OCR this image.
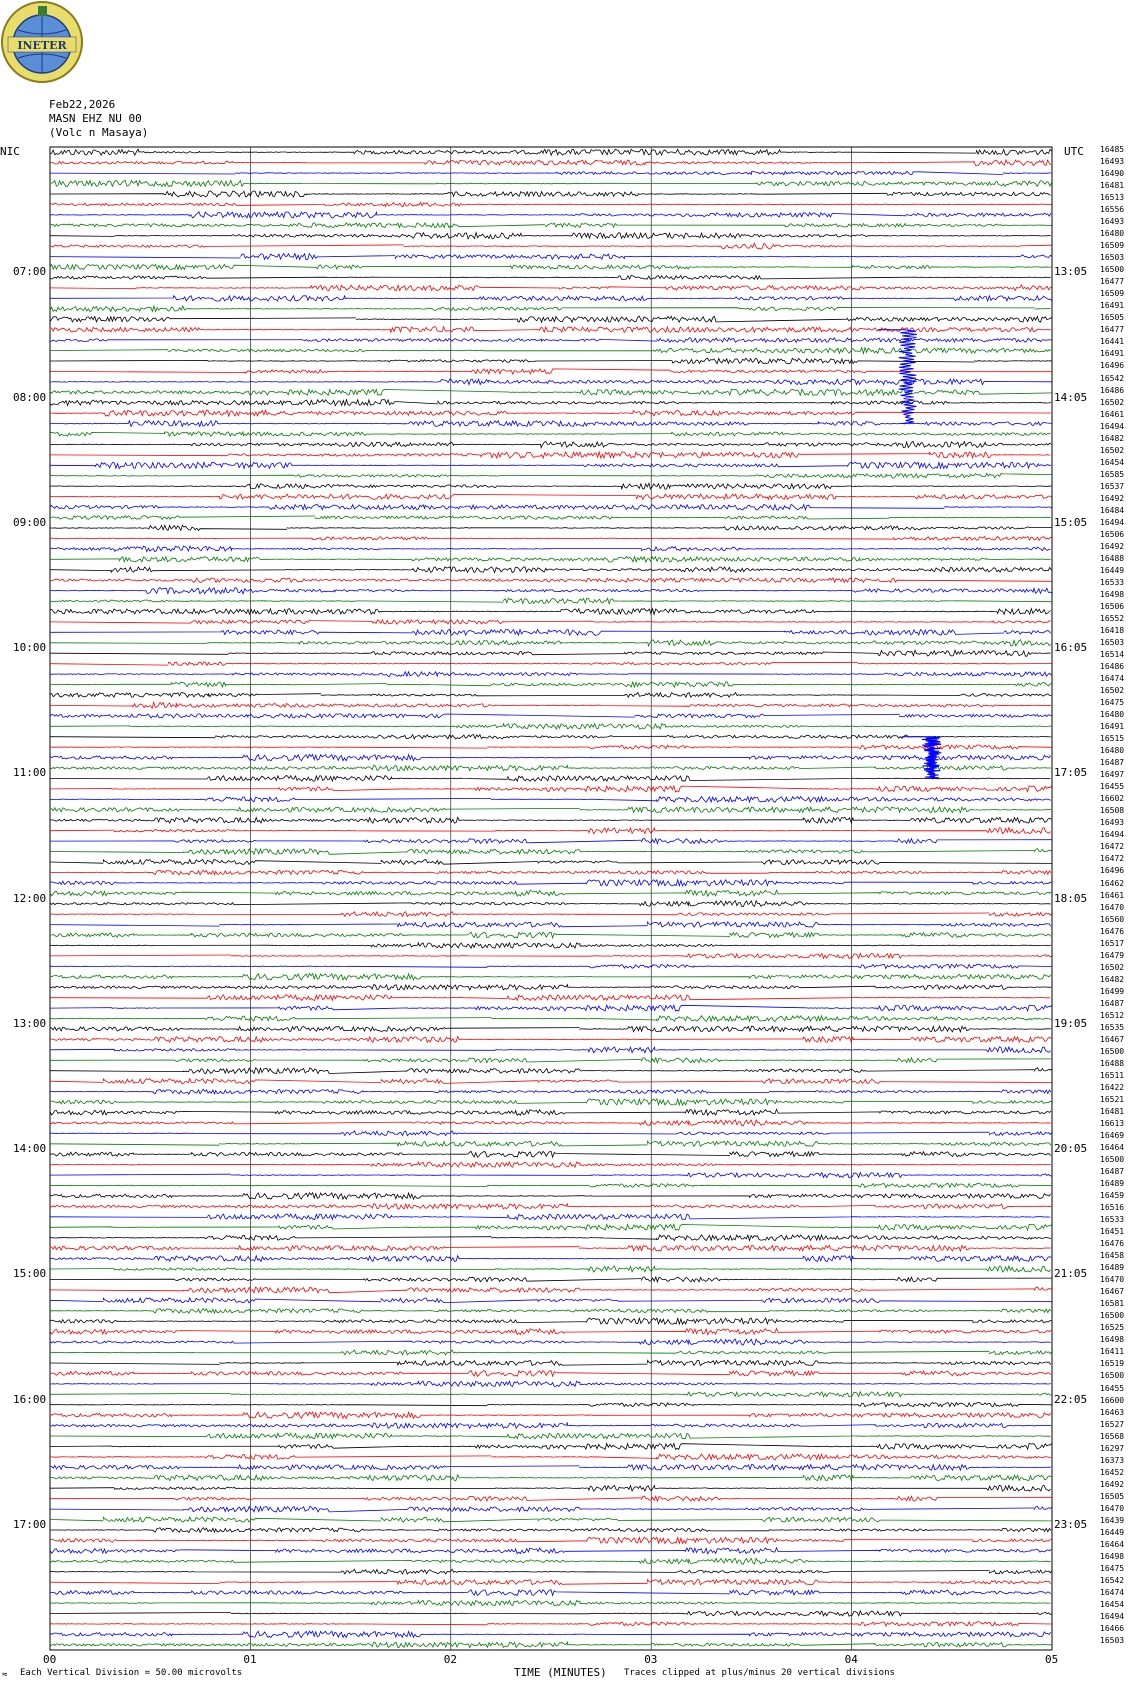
INETER
Feb22,2026
MASN EHZ NU 00
(Volc n Masaya)
NIC	UTC
07:00
08:00
09:00
10:00
11:00
12:00
13:00
14:00
15:00
16:00
17:00
13:05
14:05
15:05
16:05
17:05
18:05
19:05
20:05
21:05
22:05
23:05
16485
16493
16490
16481
16513
16556
16493
16480
16509
16503
16500
16477
16509
16491
16505
16477
16441
16491
16496
16542
16486
16502
16461
16494
16482
16502
16454
16585
16537
16492
16484
16494
16506
16492
16488
16449
16533
16498
16506
16552
16418
16503
16514
16486
16474
16502
16475
16480
16491
16515
16480
16487
16497
16455
16602
16508
16493
16494
16472
16472
16496
16462
16461
16470
16560
16476
16517
16479
16502
16482
16499
16487
16512
16535
16467
16500
16488
16511
16422
16521
16481
16613
16469
16464
16500
16487
16489
16459
16516
16533
16451
16476
16458
16489
16470
16467
16581
16500
16525
16498
16411
16519
16500
16455
16600
16463
16527
16568
16297
16373
16452
16492
16505
16470
16439
16449
16464
16498
16475
16542
16474
16454
16494
16466
16503
00	01	02	03	04	05
≈ Each Vertical Division = 50.00 microvolts	TIME (MINUTES) Traces clipped at plus/minus 20 vertical divisions
